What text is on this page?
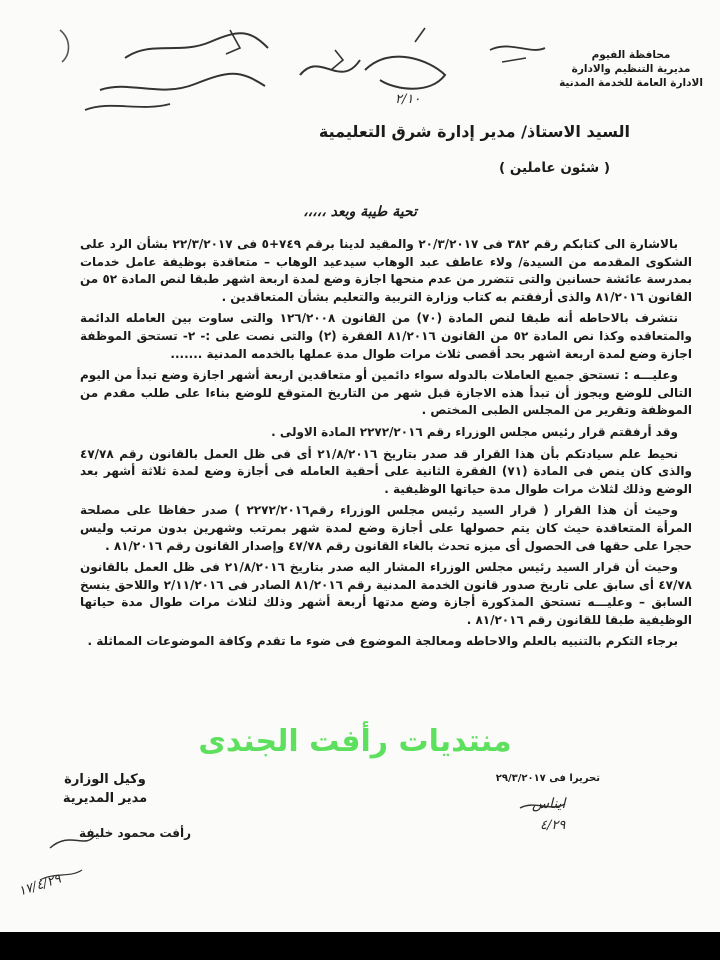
محافظة الفيوم
مديرية التنظيم والادارة
الادارة العامة للخدمة المدنية
٢/١٠
السيد الاستاذ/ مدير إدارة شرق التعليمية
( شئون عاملين )
تحية طيبة وبعد ،،،،،

بالاشارة الى كتابكم رقم ٣٨٢ فى ٢٠/٣/٢٠١٧ والمقيد لدينا برقم ٧٤٩+٥ فى ٢٢/٣/٢٠١٧ بشأن الرد على الشكوى المقدمه من السيدة/ ولاء عاطف عبد الوهاب سيدعيد الوهاب – متعاقدة بوظيفة عامل خدمات بمدرسة عائشة حسانين والتى تتضرر من عدم منحها اجازة وضع لمدة اربعة اشهر طبقا لنص المادة ٥٢ من القانون ٨١/٢٠١٦ والذى أرفقتم به كتاب وزارة التربية والتعليم بشأن المتعاقدين .

نتشرف بالاحاطه أنه طبقا لنص المادة (٧٠) من القانون ١٢٦/٢٠٠٨ والتى ساوت بين العامله الدائمة والمتعاقده وكذا نص المادة ٥٢ من القانون ٨١/٢٠١٦ الفقرة (٢) والتى نصت على :- ٢- تستحق الموظفة اجازة وضع لمدة اربعة اشهر بحد أقصى ثلاث مرات طوال مدة عملها بالخدمه المدنية .......

وعليـــه : تستحق جميع العاملات بالدوله سواء دائمين أو متعاقدين اربعة أشهر اجازة وضع تبدأ من اليوم التالى للوضع ويجوز أن تبدأ هذه الاجازة قبل شهر من التاريخ المتوقع للوضع بناءا على طلب مقدم من الموظفة وتقرير من المجلس الطبى المختص .

وقد أرفقتم قرار رئيس مجلس الوزراء رقم ٢٢٧٢/٢٠١٦ المادة الاولى .

نحيط علم سيادتكم بأن هذا القرار قد صدر بتاريخ ٢١/٨/٢٠١٦ أى فى ظل العمل بالقانون رقم ٤٧/٧٨ والذى كان ينص فى المادة (٧١) الفقرة الثانية على أحقية العامله فى أجازة وضع لمدة ثلاثة أشهر بعد الوضع وذلك لثلاث مرات طوال مدة حياتها الوظيفية .

وحيث أن هذا القرار ( قرار السيد رئيس مجلس الوزراء رقم٢٢٧٢/٢٠١٦ ) صدر حفاظا على مصلحة المرأة المتعاقدة حيث كان يتم حصولها على أجازة وضع لمدة شهر بمرتب وشهرين بدون مرتب وليس حجرا على حقها فى الحصول أى ميزه تحدث بالغاء القانون رقم ٤٧/٧٨ وإصدار القانون رقم ٨١/٢٠١٦ .

وحيث أن قرار السيد رئيس مجلس الوزراء المشار اليه صدر بتاريخ ٢١/٨/٢٠١٦ فى ظل العمل بالقانون ٤٧/٧٨ أى سابق على تاريخ صدور قانون الخدمة المدنية رقم ٨١/٢٠١٦ الصادر فى ٢/١١/٢٠١٦ واللاحق ينسخ السابق – وعليـــه تستحق المذكورة أجازة وضع مدتها أربعة أشهر وذلك لثلاث مرات طوال مدة حياتها الوظيفية طبقا للقانون رقم ٨١/٢٠١٦ .

برجاء التكرم بالتنبيه بالعلم والاحاطه ومعالجة الموضوع فى ضوء ما تقدم وكافة الموضوعات المماثلة .

منتديات رأفت الجندى
تحريرا فى ٢٩/٣/٢٠١٧
ايناس
٤/٢٩
وكيل الوزارة
مدير المديرية
رأفت محمود خليفة
١٧/٤/٢٩
